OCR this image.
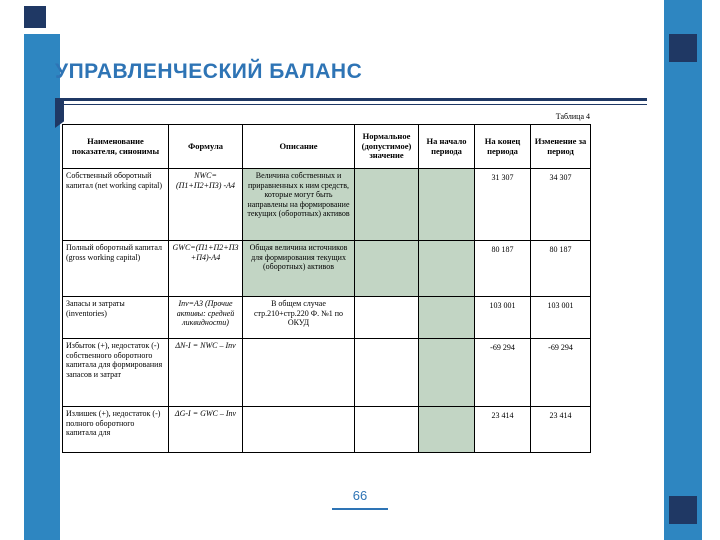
УПРАВЛЕНЧЕСКИЙ БАЛАНС
Таблица 4
Наименование показателя, синонимы	Формула	Описание	Нормальное (допустимое) значение	На начало периода	На конец периода	Изменение за период
Собственный оборотный капитал (net working capital)	NWC=(П1+П2+П3) -А4	Величина собственных и приравненных к ним средств, которые могут быть направлены на формирование текущих (оборотных) активов			31 307	34 307
Полный оборотный капитал (gross working capital)	GWC=(П1+П2+П3 +П4)-А4	Общая величина источников для формирования текущих (оборотных) активов			80 187	80 187
Запасы и затраты (inventories)	Inv=А3 (Прочие активы: средней ликвидности)	В общем случае стр.210+стр.220 Ф. №1 по ОКУД			103 001	103 001
Избыток (+), недостаток (-) собственного оборотного капитала для формирования запасов и затрат	ΔN-I = NWC – Inv				-69 294	-69 294
Излишек (+), недостаток (-) полного оборотного капитала для	ΔG-I = GWC – Inv				23 414	23 414
66
